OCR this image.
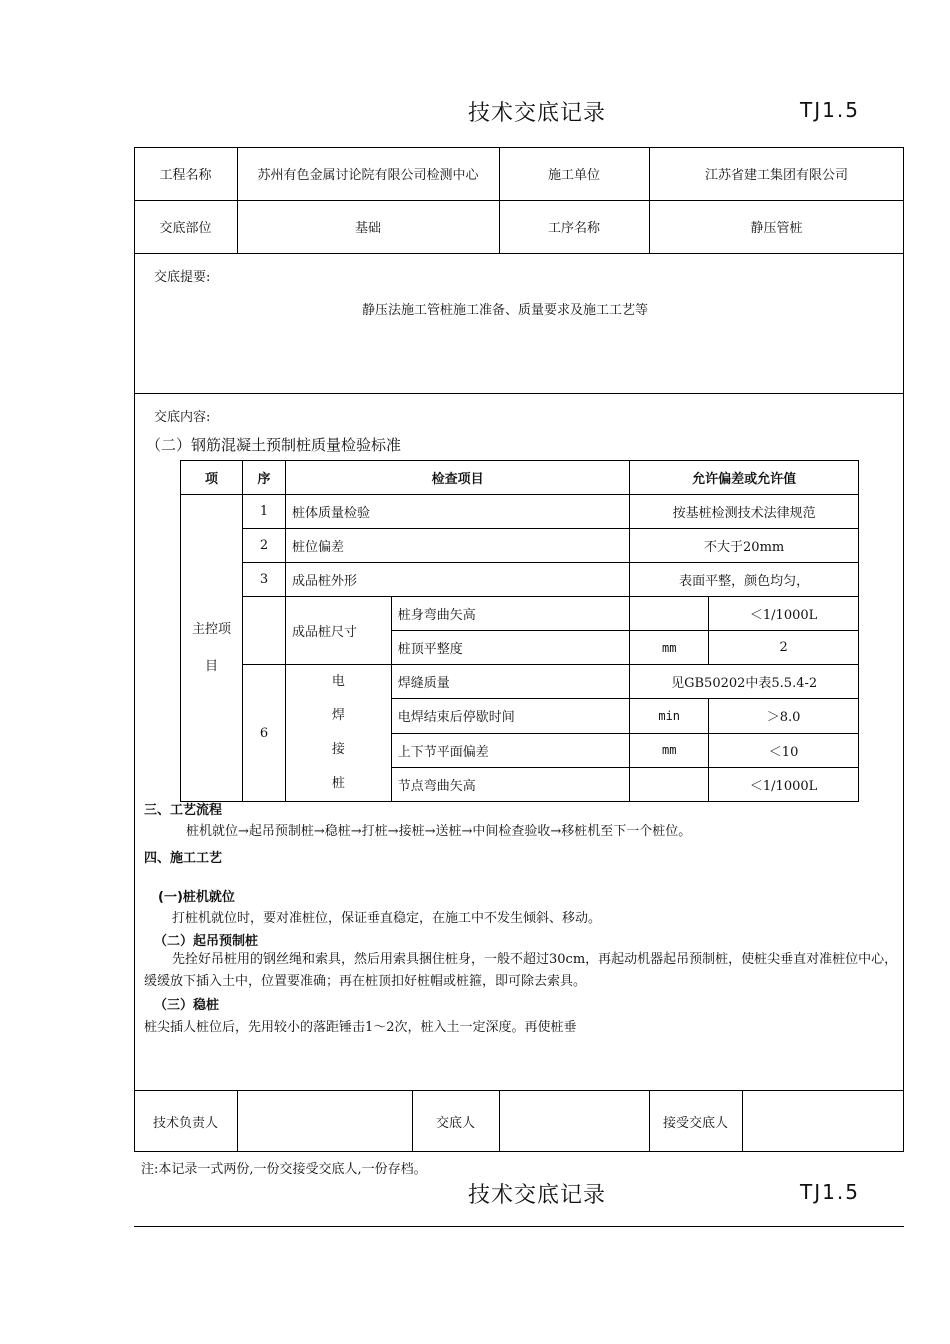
技术交底记录	TJ1.5
工程名称	苏州有色金属讨论院有限公司检测中心	施工单位	江苏省建工集团有限公司
交底部位	基础	工序名称	静压管桩
交底提要:
静压法施工管桩施工准备、质量要求及施工工艺等
交底内容:
（二）钢筋混凝土预制桩质量检验标准
项	序	检查项目		允许偏差或允许值	
主控项目	1	桩体质量检验		按基桩检测技术法律规范	
	2	桩位偏差		不大于20mm	
	3	成品桩外形		表面平整，颜色均匀，	
		成品桩尺寸	桩身弯曲矢高		＜1/1000L
			桩顶平整度	mm	2
	6	电
焊
接
桩	焊缝质量	见GB50202中表5.5.4-2	
			电焊结束后停歇时间	min	＞8.0
			上下节平面偏差	mm	＜10
			节点弯曲矢高		＜1/1000L
三、工艺流程
桩机就位→起吊预制桩→稳桩→打桩→接桩→送桩→中间检查验收→移桩机至下一个桩位。
四、施工工艺
(一)桩机就位
打桩机就位时，要对准桩位，保证垂直稳定，在施工中不发生倾斜、移动。
（二）起吊预制桩
先拴好吊桩用的钢丝绳和索具，然后用索具捆住桩身，一般不超过30cm，再起动机器起吊预制桩，使桩尖垂直对准桩位中心，缓缓放下插入土中，位置要准确；再在桩顶扣好桩帽或桩箍，即可除去索具。
（三）稳桩
桩尖插人桩位后，先用较小的落距锤击1～2次，桩入土一定深度。再使桩垂
技术负责人	交底人	接受交底人
注:本记录一式两份,一份交接受交底人,一份存档。
技术交底记录	TJ1.5
